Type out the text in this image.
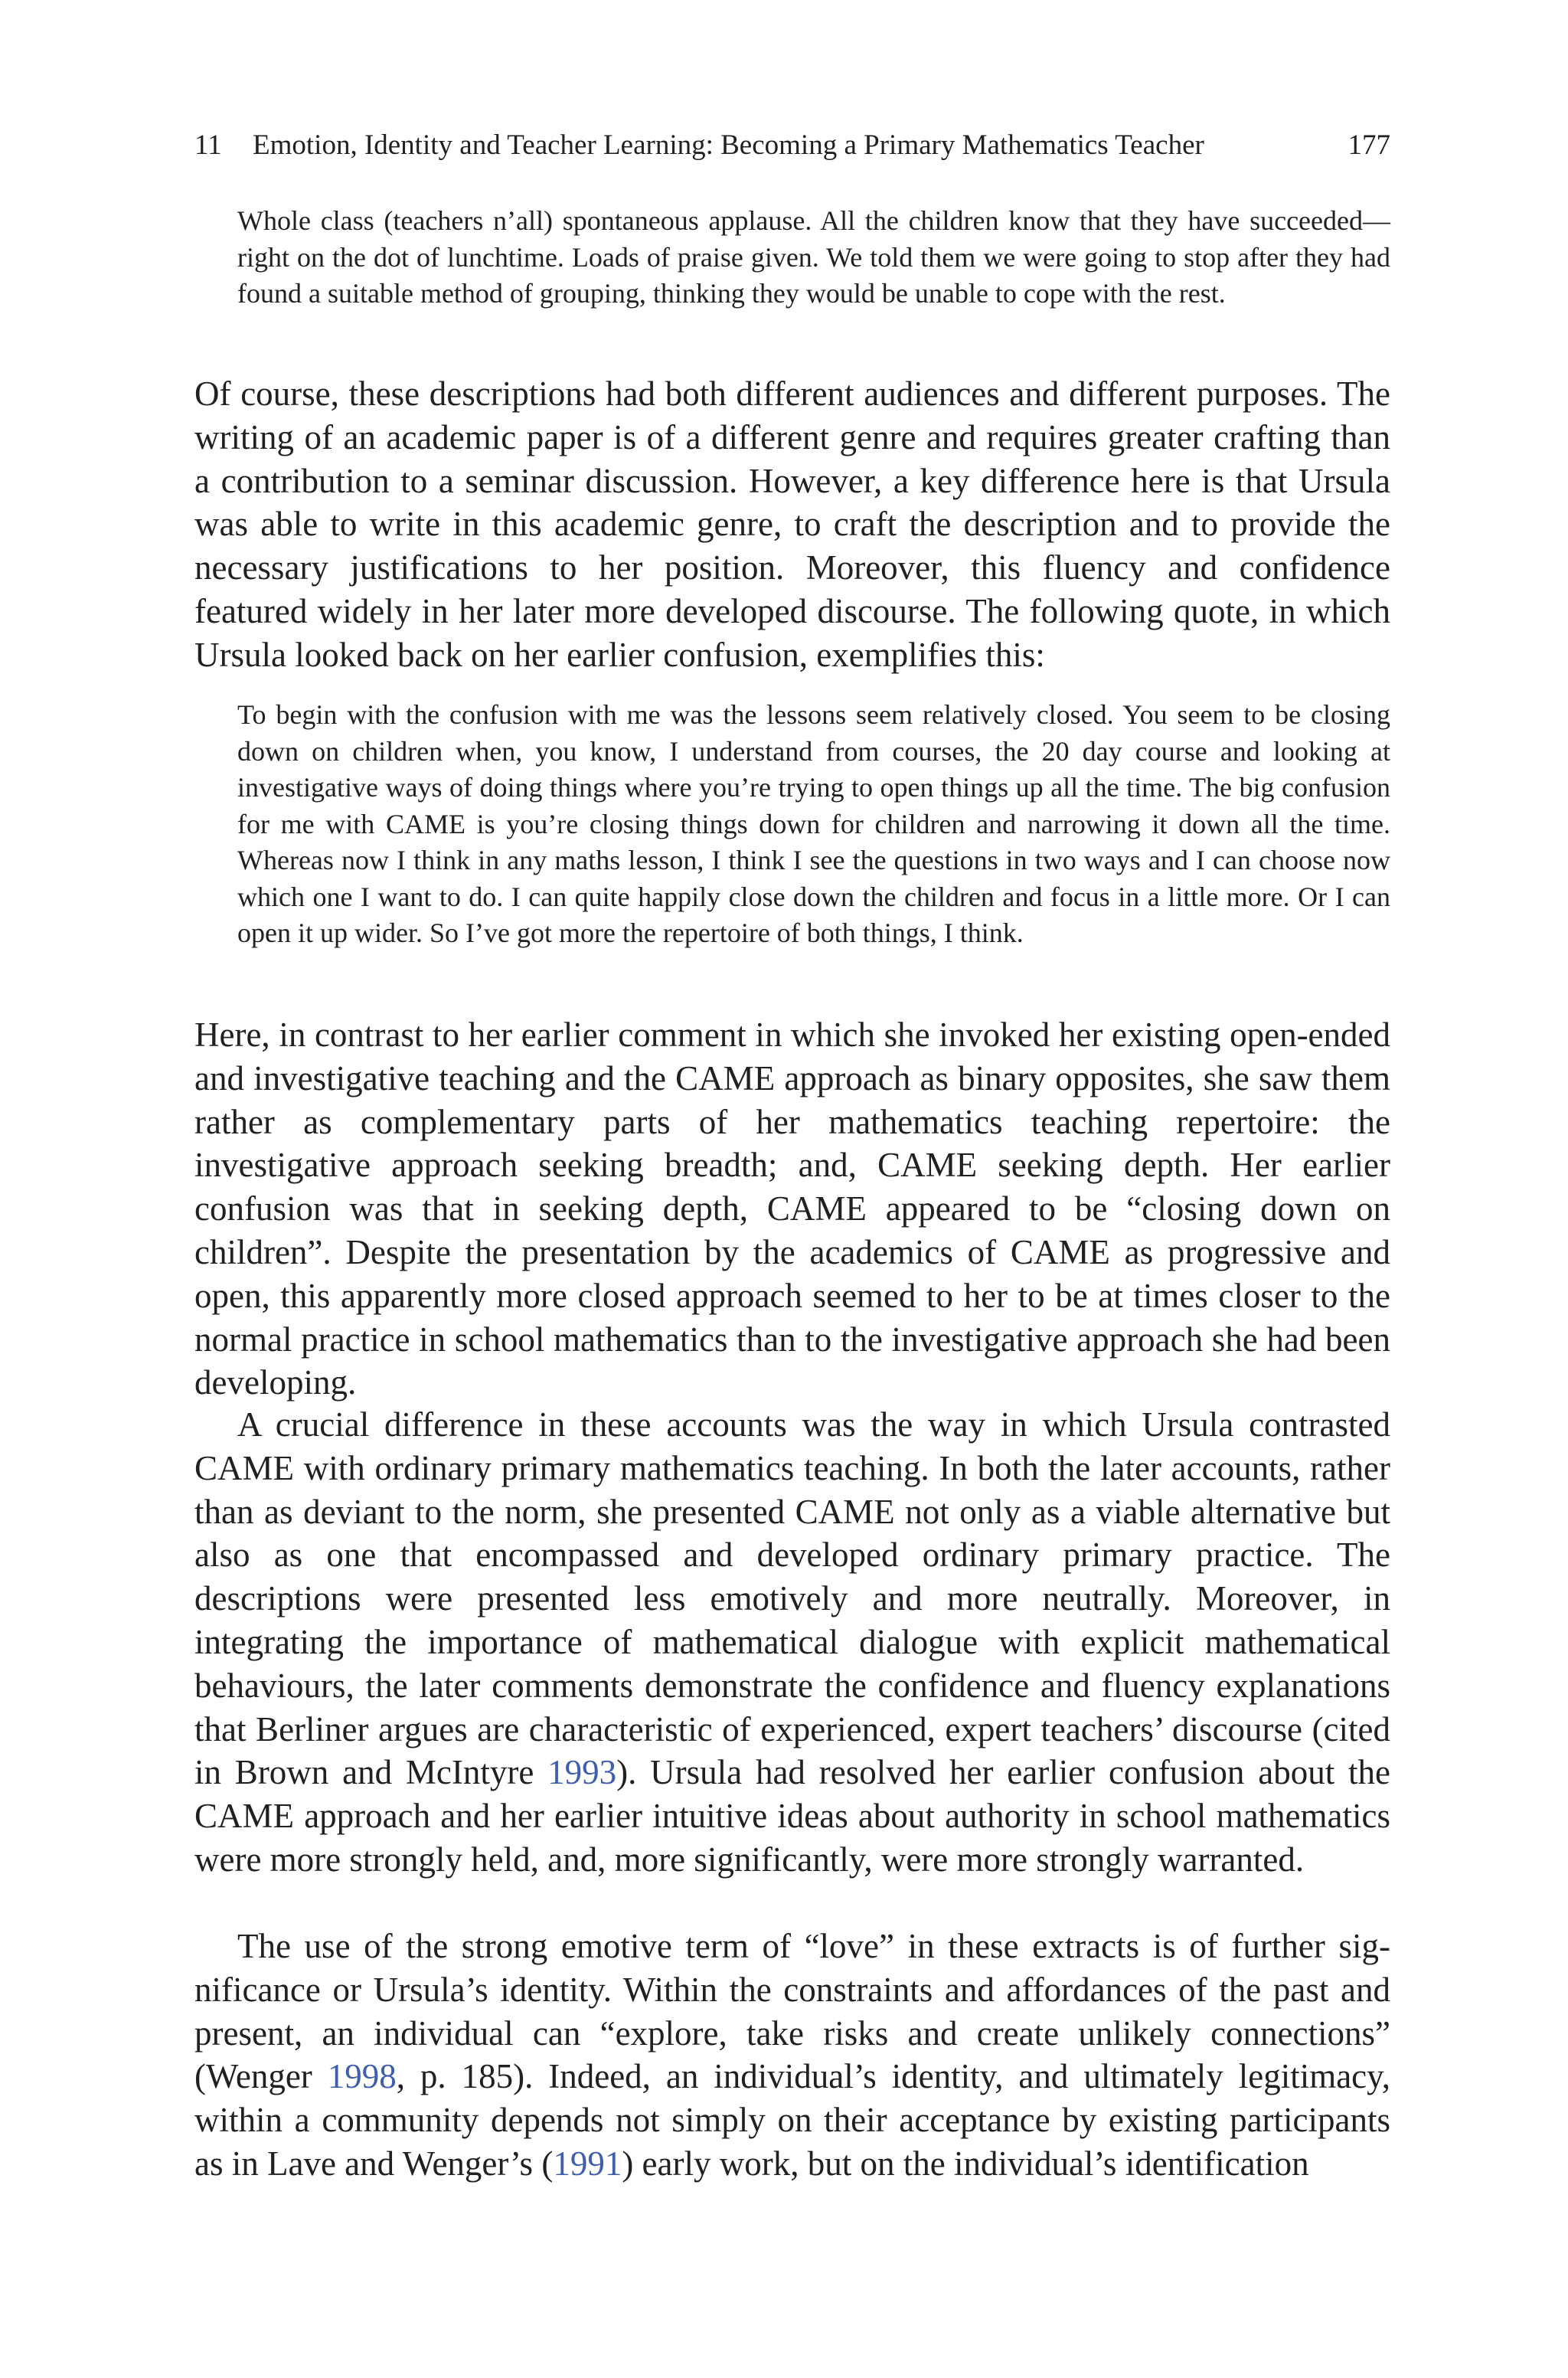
11 Emotion, Identity and Teacher Learning: Becoming a Primary Mathematics Teacher	177

Whole class (teachers n’all) spontaneous applause. All the children know that they have succeeded—right on the dot of lunchtime. Loads of praise given. We told them we were going to stop after they had found a suitable method of grouping, thinking they would be unable to cope with the rest.

Of course, these descriptions had both different audiences and different purposes. The writing of an academic paper is of a different genre and requires greater crafting than a contribution to a seminar discussion. However, a key difference here is that Ursula was able to write in this academic genre, to craft the description and to provide the necessary justifications to her position. Moreover, this fluency and confidence featured widely in her later more developed discourse. The following quote, in which Ursula looked back on her earlier confusion, exemplifies this:

To begin with the confusion with me was the lessons seem relatively closed. You seem to be closing down on children when, you know, I understand from courses, the 20 day course and looking at investigative ways of doing things where you’re trying to open things up all the time. The big confusion for me with CAME is you’re closing things down for children and narrowing it down all the time. Whereas now I think in any maths lesson, I think I see the questions in two ways and I can choose now which one I want to do. I can quite happily close down the children and focus in a little more. Or I can open it up wider. So I’ve got more the repertoire of both things, I think.

Here, in contrast to her earlier comment in which she invoked her existing open-ended and investigative teaching and the CAME approach as binary opposites, she saw them rather as complementary parts of her mathematics teaching repertoire: the investigative approach seeking breadth; and, CAME seeking depth. Her earlier confusion was that in seeking depth, CAME appeared to be “closing down on children”. Despite the presentation by the academics of CAME as progressive and open, this apparently more closed approach seemed to her to be at times closer to the normal practice in school mathematics than to the investigative approach she had been developing.

A crucial difference in these accounts was the way in which Ursula contrasted CAME with ordinary primary mathematics teaching. In both the later accounts, rather than as deviant to the norm, she presented CAME not only as a viable alternative but also as one that encompassed and developed ordinary primary practice. The descriptions were presented less emotively and more neutrally. Moreover, in integrating the importance of mathematical dialogue with explicit mathematical behaviours, the later comments demonstrate the confidence and fluency explanations that Berliner argues are characteristic of experienced, expert teachers’ discourse (cited in Brown and McIntyre 1993). Ursula had resolved her earlier confusion about the CAME approach and her earlier intuitive ideas about authority in school mathematics were more strongly held, and, more significantly, were more strongly warranted.

The use of the strong emotive term of “love” in these extracts is of further significance or Ursula’s identity. Within the constraints and affordances of the past and present, an individual can “explore, take risks and create unlikely connections” (Wenger 1998, p. 185). Indeed, an individual’s identity, and ultimately legitimacy, within a community depends not simply on their acceptance by existing participants as in Lave and Wenger’s (1991) early work, but on the individual’s identification
